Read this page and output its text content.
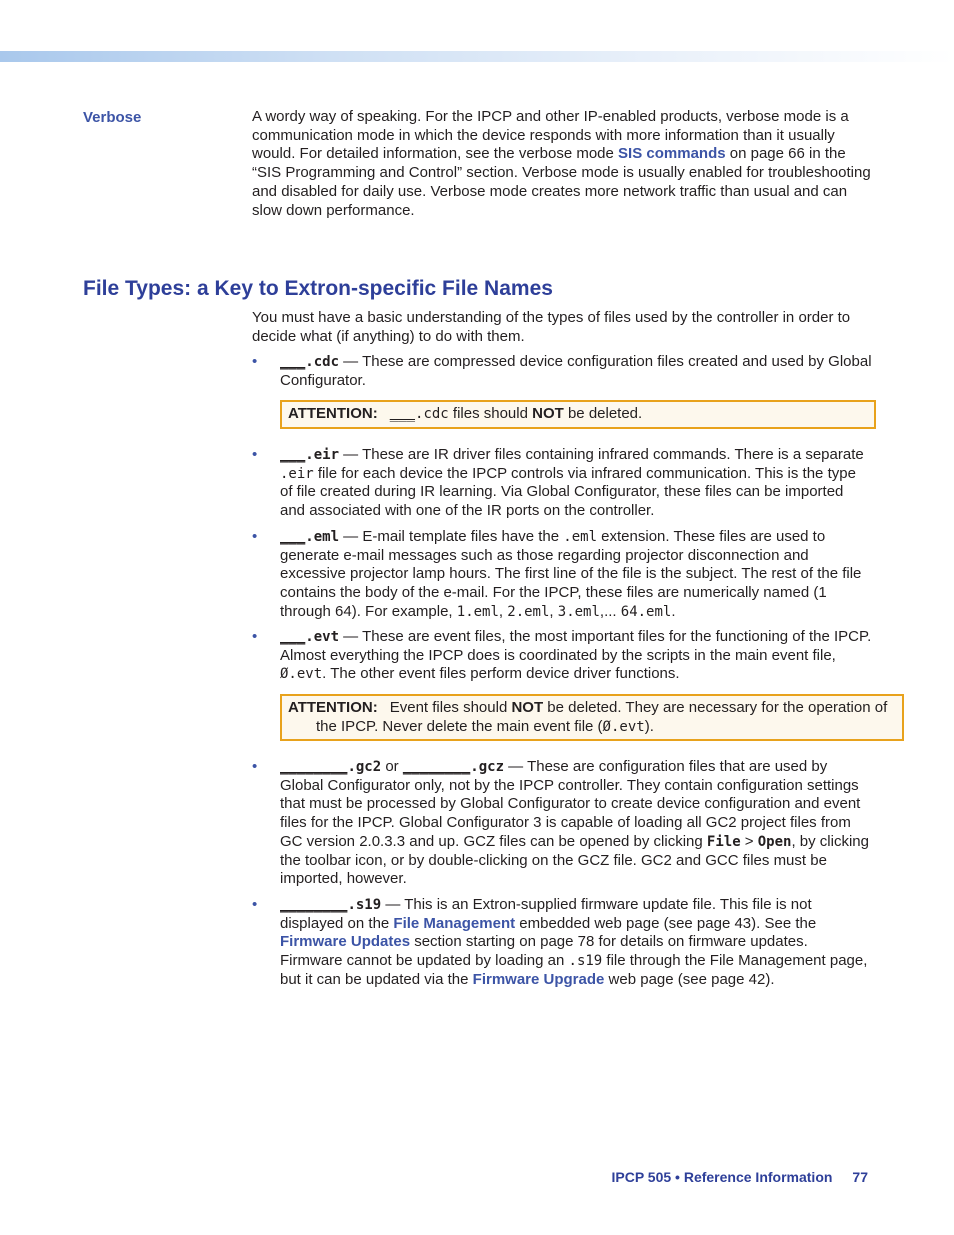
Verbose	A wordy way of speaking. For the IPCP and other IP-enabled products, verbose mode is a communication mode in which the device responds with more information than it usually would. For detailed information, see the verbose mode SIS commands on page 66 in the “SIS Programming and Control” section. Verbose mode is usually enabled for troubleshooting and disabled for daily use. Verbose mode creates more network traffic than usual and can slow down performance.
File Types: a Key to Extron-specific File Names
You must have a basic understanding of the types of files used by the controller in order to decide what (if anything) to do with them.
• ___.cdc — These are compressed device configuration files created and used by Global Configurator.
ATTENTION: ___.cdc files should NOT be deleted.
• ___.eir — These are IR driver files containing infrared commands. There is a separate .eir file for each device the IPCP controls via infrared communication. This is the type of file created during IR learning. Via Global Configurator, these files can be imported and associated with one of the IR ports on the controller.
• ___.eml — E-mail template files have the .eml extension. These files are used to generate e-mail messages such as those regarding projector disconnection and excessive projector lamp hours. The first line of the file is the subject. The rest of the file contains the body of the e-mail. For the IPCP, these files are numerically named (1 through 64). For example, 1.eml, 2.eml, 3.eml,... 64.eml.
• ___.evt — These are event files, the most important files for the functioning of the IPCP. Almost everything the IPCP does is coordinated by the scripts in the main event file, Ø.evt. The other event files perform device driver functions.
ATTENTION: Event files should NOT be deleted. They are necessary for the operation of the IPCP. Never delete the main event file (Ø.evt).
• ________.gc2 or ________.gcz — These are configuration files that are used by Global Configurator only, not by the IPCP controller. They contain configuration settings that must be processed by Global Configurator to create device configuration and event files for the IPCP. Global Configurator 3 is capable of loading all GC2 project files from GC version 2.0.3.3 and up. GCZ files can be opened by clicking File > Open, by clicking the toolbar icon, or by double-clicking on the GCZ file. GC2 and GCC files must be imported, however.
• ________.s19 — This is an Extron-supplied firmware update file. This file is not displayed on the File Management embedded web page (see page 43). See the Firmware Updates section starting on page 78 for details on firmware updates. Firmware cannot be updated by loading an .s19 file through the File Management page, but it can be updated via the Firmware Upgrade web page (see page 42).
IPCP 505 • Reference Information 77
